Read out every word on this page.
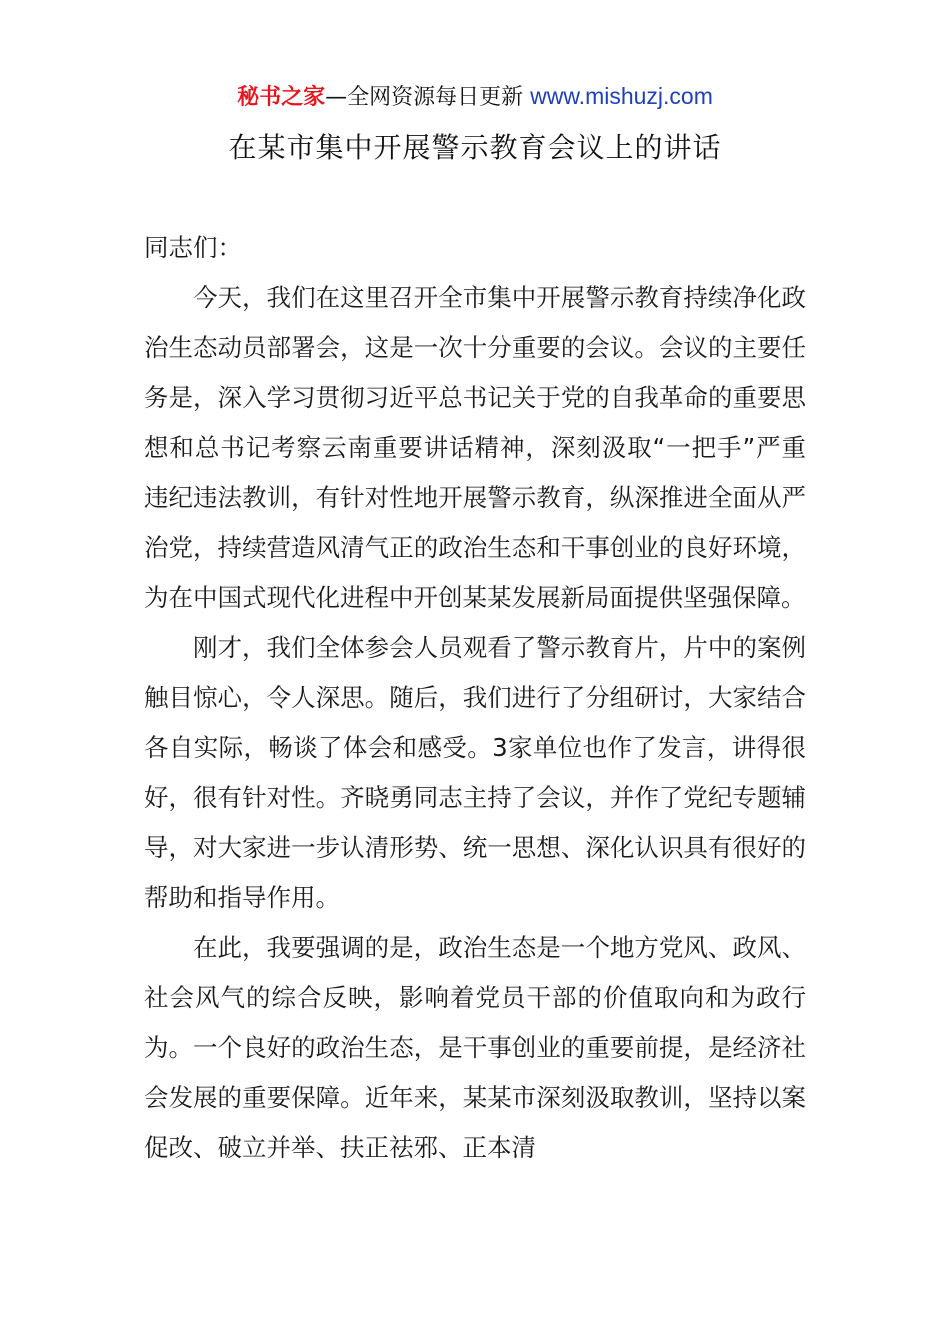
秘书之家—全网资源每日更新 www.mishuzj.com
在某市集中开展警示教育会议上的讲话

同志们：

今天，我们在这里召开全市集中开展警示教育持续净化政治生态动员部署会，这是一次十分重要的会议。会议的主要任务是，深入学习贯彻习近平总书记关于党的自我革命的重要思想和总书记考察云南重要讲话精神，深刻汲取“一把手”严重违纪违法教训，有针对性地开展警示教育，纵深推进全面从严治党，持续营造风清气正的政治生态和干事创业的良好环境，为在中国式现代化进程中开创某某发展新局面提供坚强保障。

刚才，我们全体参会人员观看了警示教育片，片中的案例触目惊心，令人深思。随后，我们进行了分组研讨，大家结合各自实际，畅谈了体会和感受。3家单位也作了发言，讲得很好，很有针对性。齐晓勇同志主持了会议，并作了党纪专题辅导，对大家进一步认清形势、统一思想、深化认识具有很好的帮助和指导作用。

在此，我要强调的是，政治生态是一个地方党风、政风、社会风气的综合反映，影响着党员干部的价值取向和为政行为。一个良好的政治生态，是干事创业的重要前提，是经济社会发展的重要保障。近年来，某某市深刻汲取教训，坚持以案促改、破立并举、扶正祛邪、正本清
